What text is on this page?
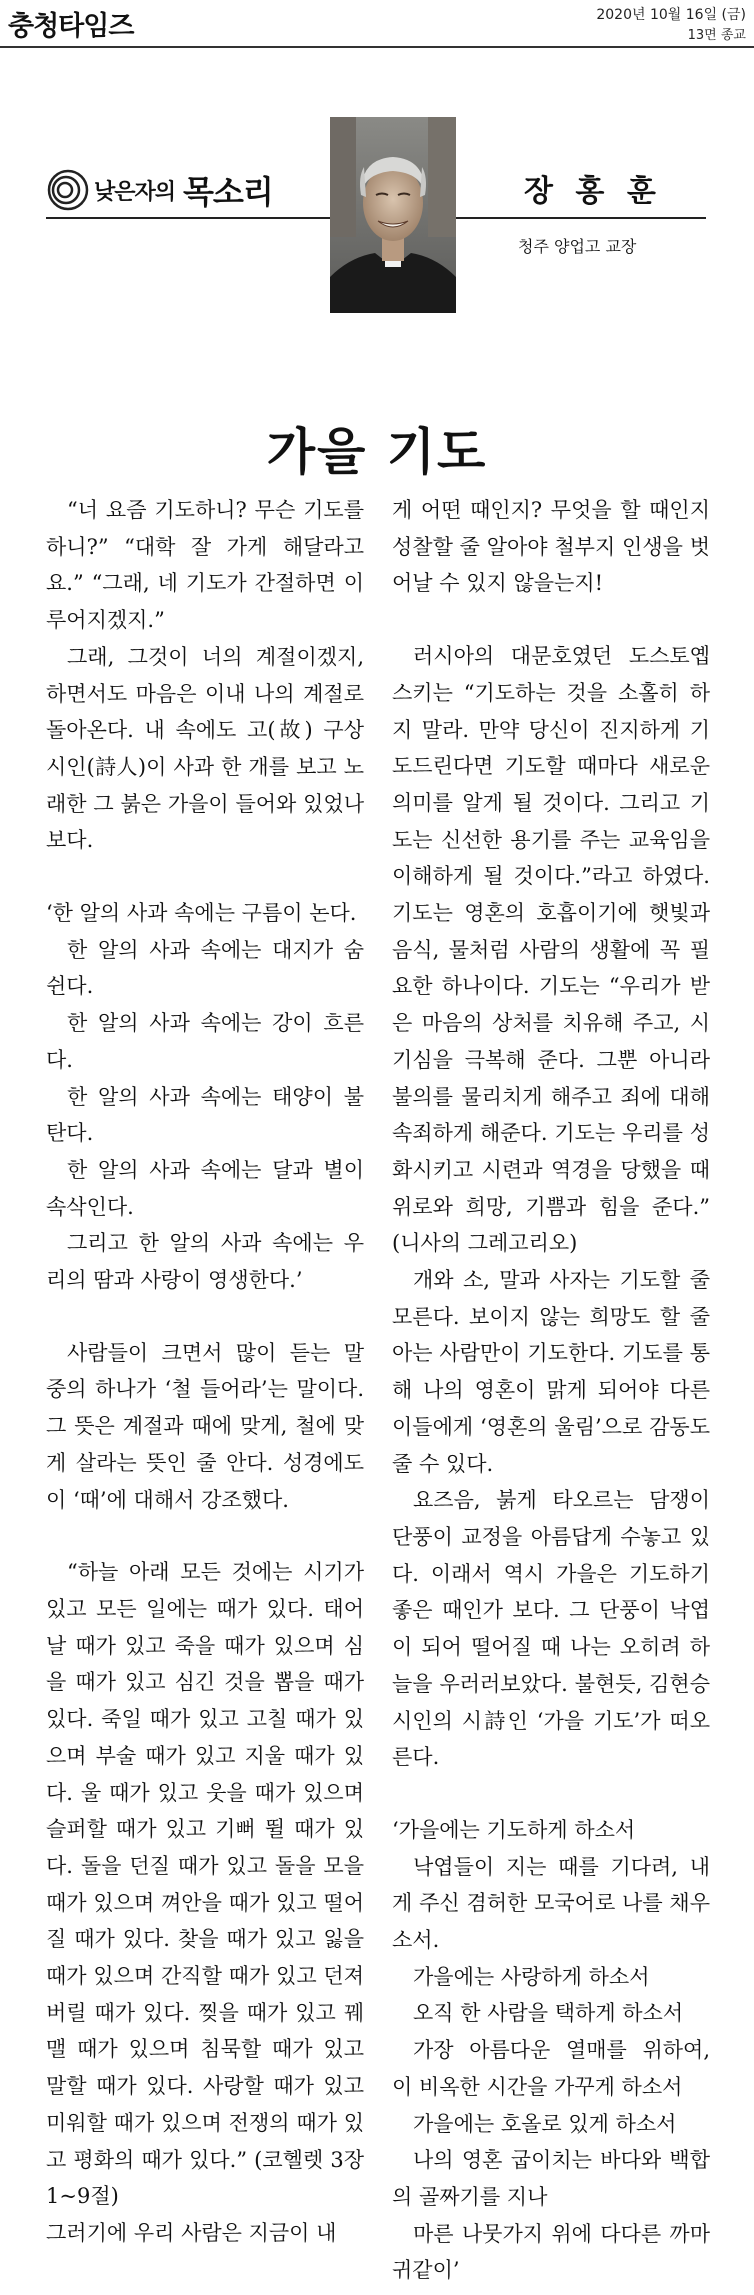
충청타임즈	2020년 10월 16일 (금)
13면 종교
낮은자의 목소리	장 홍 훈
청주 양업고 교장
가을 기도

“너 요즘 기도하니? 무슨 기도를 하니?” “대학 잘 가게 해달라고요.” “그래, 네 기도가 간절하면 이루어지겠지.”

그래, 그것이 너의 계절이겠지, 하면서도 마음은 이내 나의 계절로 돌아온다. 내 속에도 고(故) 구상 시인(詩人)이 사과 한 개를 보고 노래한 그 붉은 가을이 들어와 있었나 보다.

‘한 알의 사과 속에는 구름이 논다.

한 알의 사과 속에는 대지가 숨 쉰다.

한 알의 사과 속에는 강이 흐른다.

한 알의 사과 속에는 태양이 불탄다.

한 알의 사과 속에는 달과 별이 속삭인다.

그리고 한 알의 사과 속에는 우리의 땀과 사랑이 영생한다.’

사람들이 크면서 많이 듣는 말 중의 하나가 ‘철 들어라’는 말이다. 그 뜻은 계절과 때에 맞게, 철에 맞게 살라는 뜻인 줄 안다. 성경에도 이 ‘때’에 대해서 강조했다.

“하늘 아래 모든 것에는 시기가 있고 모든 일에는 때가 있다. 태어날 때가 있고 죽을 때가 있으며 심을 때가 있고 심긴 것을 뽑을 때가 있다. 죽일 때가 있고 고칠 때가 있으며 부술 때가 있고 지울 때가 있다. 울 때가 있고 웃을 때가 있으며 슬퍼할 때가 있고 기뻐 뛸 때가 있다. 돌을 던질 때가 있고 돌을 모을 때가 있으며 껴안을 때가 있고 떨어질 때가 있다. 찾을 때가 있고 잃을 때가 있으며 간직할 때가 있고 던져 버릴 때가 있다. 찢을 때가 있고 꿰맬 때가 있으며 침묵할 때가 있고 말할 때가 있다. 사랑할 때가 있고 미워할 때가 있으며 전쟁의 때가 있고 평화의 때가 있다.” (코헬렛 3장 1~9절)

그러기에 우리 사람은 지금이 내

게 어떤 때인지? 무엇을 할 때인지 성찰할 줄 알아야 철부지 인생을 벗어날 수 있지 않을는지!

러시아의 대문호였던 도스토옙스키는 “기도하는 것을 소홀히 하지 말라. 만약 당신이 진지하게 기도드린다면 기도할 때마다 새로운 의미를 알게 될 것이다. 그리고 기도는 신선한 용기를 주는 교육임을 이해하게 될 것이다.”라고 하였다. 기도는 영혼의 호흡이기에 햇빛과 음식, 물처럼 사람의 생활에 꼭 필요한 하나이다. 기도는 “우리가 받은 마음의 상처를 치유해 주고, 시기심을 극복해 준다. 그뿐 아니라 불의를 물리치게 해주고 죄에 대해 속죄하게 해준다. 기도는 우리를 성화시키고 시련과 역경을 당했을 때 위로와 희망, 기쁨과 힘을 준다.” (니사의 그레고리오)

개와 소, 말과 사자는 기도할 줄 모른다. 보이지 않는 희망도 할 줄 아는 사람만이 기도한다. 기도를 통해 나의 영혼이 맑게 되어야 다른 이들에게 ‘영혼의 울림’으로 감동도 줄 수 있다.

요즈음, 붉게 타오르는 담쟁이 단풍이 교정을 아름답게 수놓고 있다. 이래서 역시 가을은 기도하기 좋은 때인가 보다. 그 단풍이 낙엽이 되어 떨어질 때 나는 오히려 하늘을 우러러보았다. 불현듯, 김현승 시인의 시詩인 ‘가을 기도’가 떠오른다.

‘가을에는 기도하게 하소서

낙엽들이 지는 때를 기다려, 내게 주신 겸허한 모국어로 나를 채우소서.

가을에는 사랑하게 하소서

오직 한 사람을 택하게 하소서

가장 아름다운 열매를 위하여, 이 비옥한 시간을 가꾸게 하소서

가을에는 호올로 있게 하소서

나의 영혼 굽이치는 바다와 백합의 골짜기를 지나

마른 나뭇가지 위에 다다른 까마귀같이’
